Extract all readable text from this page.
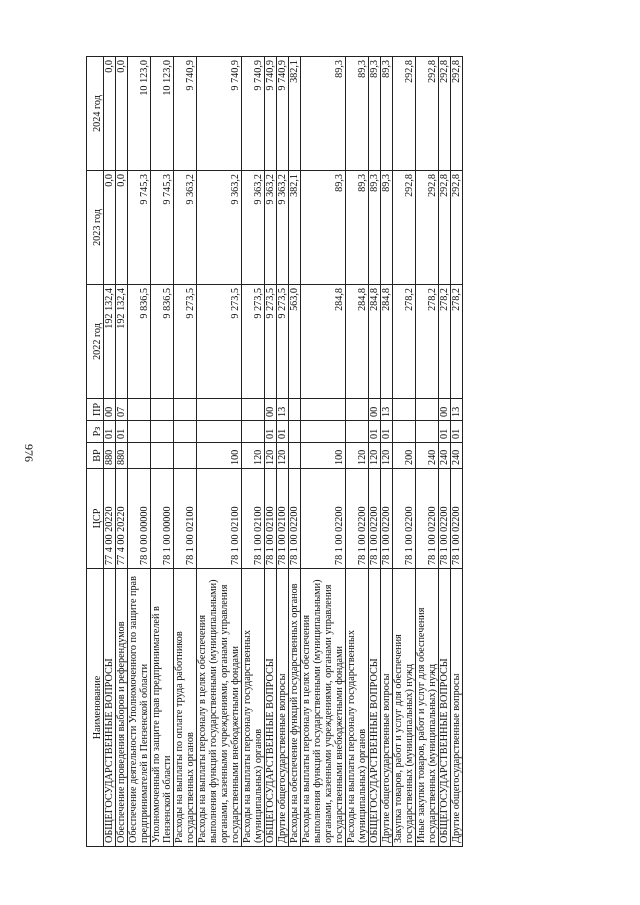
976
Наименование	ЦСР	ВР	Рз	ПР	2022 год	2023 год	2024 год
ОБЩЕГОСУДАРСТВЕННЫЕ ВОПРОСЫ	77 4 00 20220	880	01	00	192 132,4	0,0	0,0
Обеспечение проведения выборов и референдумов	77 4 00 20220	880	01	07	192 132,4	0,0	0,0
Обеспечение деятельности Уполномоченного по защите прав предпринимателей в Пензенской области	78 0 00 00000				9 836,5	9 745,3	10 123,0
Уполномоченный по защите прав предпринимателей в Пензенской области	78 1 00 00000				9 836,5	9 745,3	10 123,0
Расходы на выплаты по оплате труда работников государственных органов	78 1 00 02100				9 273,5	9 363,2	9 740,9
Расходы на выплаты персоналу в целях обеспечения выполнения функций государственными (муниципальными) органами, казенными учреждениями, органами управления государственными внебюджетными фондами	78 1 00 02100	100			9 273,5	9 363,2	9 740,9
Расходы на выплаты персоналу государственных (муниципальных) органов	78 1 00 02100	120			9 273,5	9 363,2	9 740,9
ОБЩЕГОСУДАРСТВЕННЫЕ ВОПРОСЫ	78 1 00 02100	120	01	00	9 273,5	9 363,2	9 740,9
Другие общегосударственные вопросы	78 1 00 02100	120	01	13	9 273,5	9 363,2	9 740,9
Расходы на обеспечение функций государственных органов	78 1 00 02200				563,0	382,1	382,1
Расходы на выплаты персоналу в целях обеспечения выполнения функций государственными (муниципальными) органами, казенными учреждениями, органами управления государственными внебюджетными фондами	78 1 00 02200	100			284,8	89,3	89,3
Расходы на выплаты персоналу государственных (муниципальных) органов	78 1 00 02200	120			284,8	89,3	89,3
ОБЩЕГОСУДАРСТВЕННЫЕ ВОПРОСЫ	78 1 00 02200	120	01	00	284,8	89,3	89,3
Другие общегосударственные вопросы	78 1 00 02200	120	01	13	284,8	89,3	89,3
Закупка товаров, работ и услуг для обеспечения государственных (муниципальных) нужд	78 1 00 02200	200			278,2	292,8	292,8
Иные закупки товаров, работ и услуг для обеспечения государственных (муниципальных) нужд	78 1 00 02200	240			278,2	292,8	292,8
ОБЩЕГОСУДАРСТВЕННЫЕ ВОПРОСЫ	78 1 00 02200	240	01	00	278,2	292,8	292,8
Другие общегосударственные вопросы	78 1 00 02200	240	01	13	278,2	292,8	292,8
